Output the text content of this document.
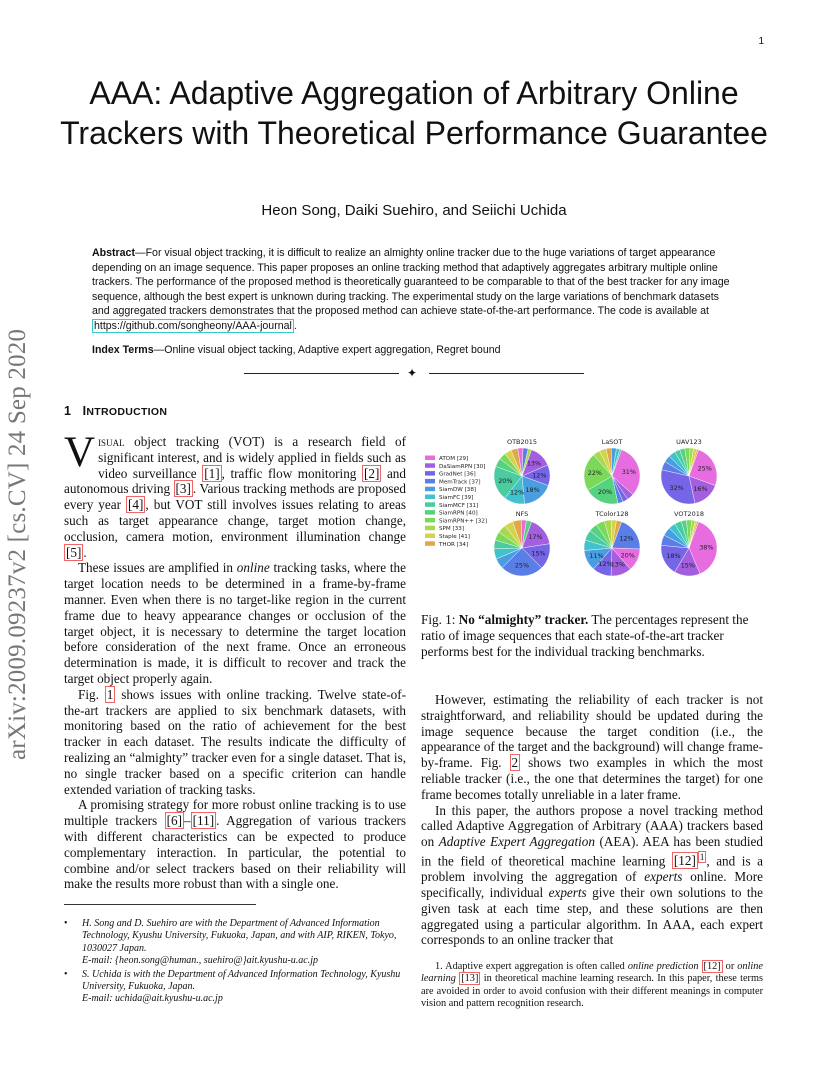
1
arXiv:2009.09237v2 [cs.CV] 24 Sep 2020
AAA: Adaptive Aggregation of Arbitrary Online Trackers with Theoretical Performance Guarantee
Heon Song, Daiki Suehiro, and Seiichi Uchida
Abstract—For visual object tracking, it is difficult to realize an almighty online tracker due to the huge variations of target appearance depending on an image sequence. This paper proposes an online tracking method that adaptively aggregates arbitrary multiple online trackers. The performance of the proposed method is theoretically guaranteed to be comparable to that of the best tracker for any image sequence, although the best expert is unknown during tracking. The experimental study on the large variations of benchmark datasets and aggregated trackers demonstrates that the proposed method can achieve state-of-the-art performance. The code is available at https://github.com/songheony/AAA-journal .
Index Terms—Online visual object tacking, Adaptive expert aggregation, Regret bound
✦
1 INTRODUCTION

Visual object tracking (VOT) is a research field of significant interest, and is widely applied in fields such as video surveillance [1] , traffic flow monitoring [2] and autonomous driving [3] . Various tracking methods are proposed every year [4] , but VOT still involves issues relating to areas such as target appearance change, target motion change, occlusion, camera motion, environment illumination change [5] .

These issues are amplified in online tracking tasks, where the target location needs to be determined in a frame-by-frame manner. Even when there is no target-like region in the current frame due to heavy appearance changes or occlusion of the target object, it is necessary to determine the target location before consideration of the next frame. Once an erroneous determination is made, it is difficult to recover and track the target object properly again.

Fig. 1 shows issues with online tracking. Twelve state-of-the-art trackers are applied to six benchmark datasets, with monitoring based on the ratio of achievement for the best tracker in each dataset. The results indicate the difficulty of realizing an “almighty” tracker even for a single dataset. That is, no single tracker based on a specific criterion can handle extended variation of tracking tasks.

A promising strategy for more robust online tracking is to use multiple trackers [6] – [11] . Aggregation of various trackers with different characteristics can be expected to produce complementary interaction. In particular, the potential to combine and/or select trackers based on their reliability will make the results more robust than with a single one.

• H. Song and D. Suehiro are with the Department of Advanced Information Technology, Kyushu University, Fukuoka, Japan, and with AIP, RIKEN, Tokyo, 1030027 Japan.
E-mail: {heon.song@human., suehiro@}ait.kyushu-u.ac.jp
• S. Uchida is with the Department of Advanced Information Technology, Kyushu University, Fukuoka, Japan.
E-mail: uchida@ait.kyushu-u.ac.jp
ATOM [29]
DaSiamRPN [30]
GradNet [36]
MemTrack [37]
SiamDW [38]
SiamFC [39]
SiamMCF [31]
SiamRPN [40]
SiamRPN++ [32]
SPM [33]
Staple [41]
THOR [34]
OTB2015
13%
12%
18%
12%
20%
LaSOT
31%
20%
22%
UAV123
25%
16%
32%
NFS
17%
15%
25%
TColor128
12%
20%
13%
12%
11%
VOT2018
38%
15%
18%
Fig. 1: No “almighty” tracker. The percentages represent the ratio of image sequences that each state-of-the-art tracker performs best for the individual tracking benchmarks.

However, estimating the reliability of each tracker is not straightforward, and reliability should be updated during the image sequence because the target condition (i.e., the appearance of the target and the background) will change frame-by-frame. Fig. 2 shows two examples in which the most reliable tracker (i.e., the one that determines the target) for one frame becomes totally unreliable in a later frame.

In this paper, the authors propose a novel tracking method called Adaptive Aggregation of Arbitrary (AAA) trackers based on Adaptive Expert Aggregation (AEA). AEA has been studied in the field of theoretical machine learning [12] $^1$ , and is a problem involving the aggregation of experts online. More specifically, individual experts give their own solutions to the given task at each time step, and these solutions are then aggregated using a particular algorithm. In AAA, each expert corresponds to an online tracker that

1. Adaptive expert aggregation is often called online prediction [12] or online learning [13] in theoretical machine learning research. In this paper, these terms are avoided in order to avoid confusion with their different meanings in computer vision and pattern recognition research.
